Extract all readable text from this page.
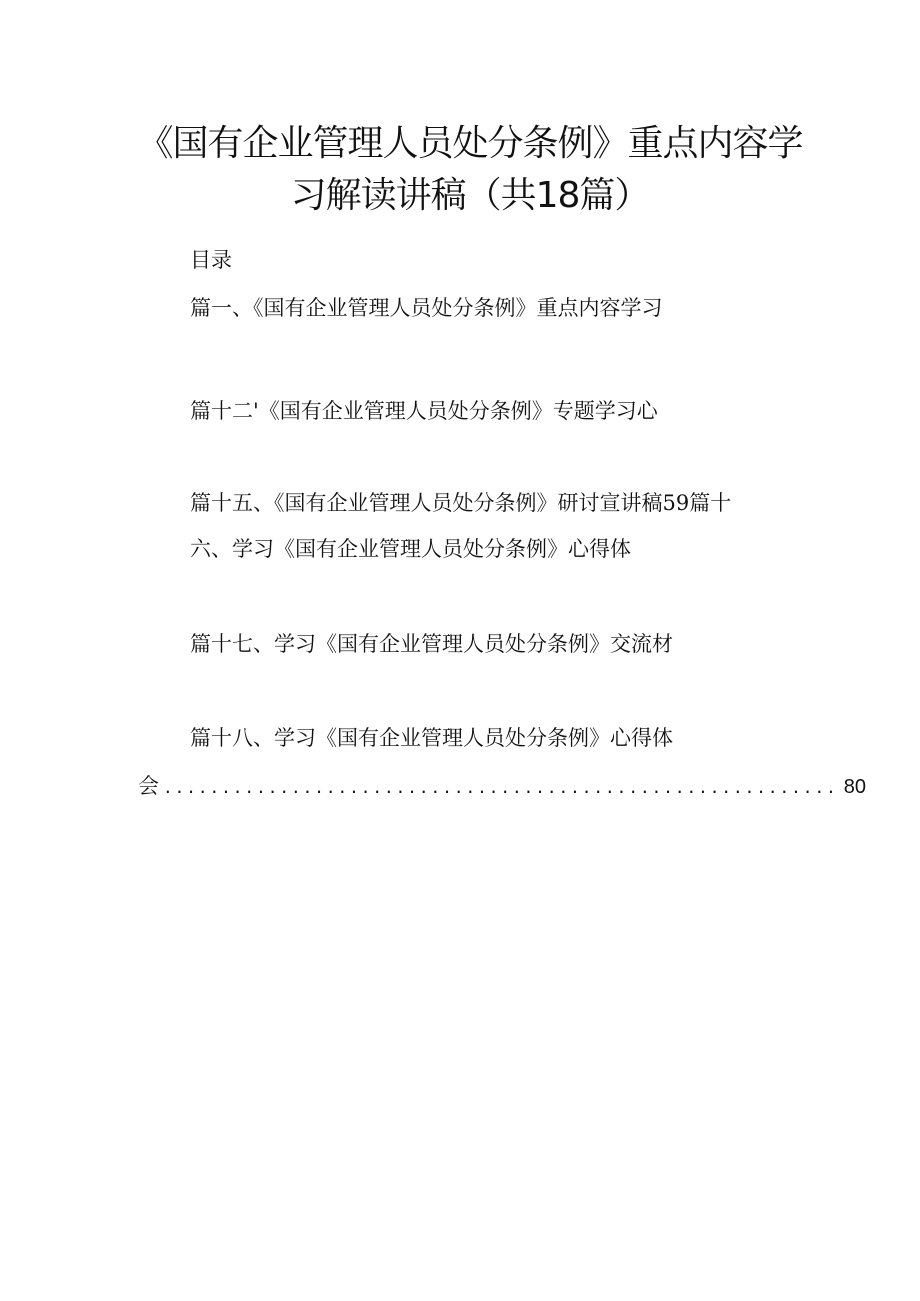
《国有企业管理人员处分条例》重点内容学
习解读讲稿（共18篇）
目录
篇一、《国有企业管理人员处分条例》重点内容学习
篇十二'《国有企业管理人员处分条例》专题学习心
篇十五、《国有企业管理人员处分条例》研讨宣讲稿59篇十
六、学习《国有企业管理人员处分条例》心得体
篇十七、学习《国有企业管理人员处分条例》交流材
篇十八、学习《国有企业管理人员处分条例》心得体
会 .......................................................... 80
